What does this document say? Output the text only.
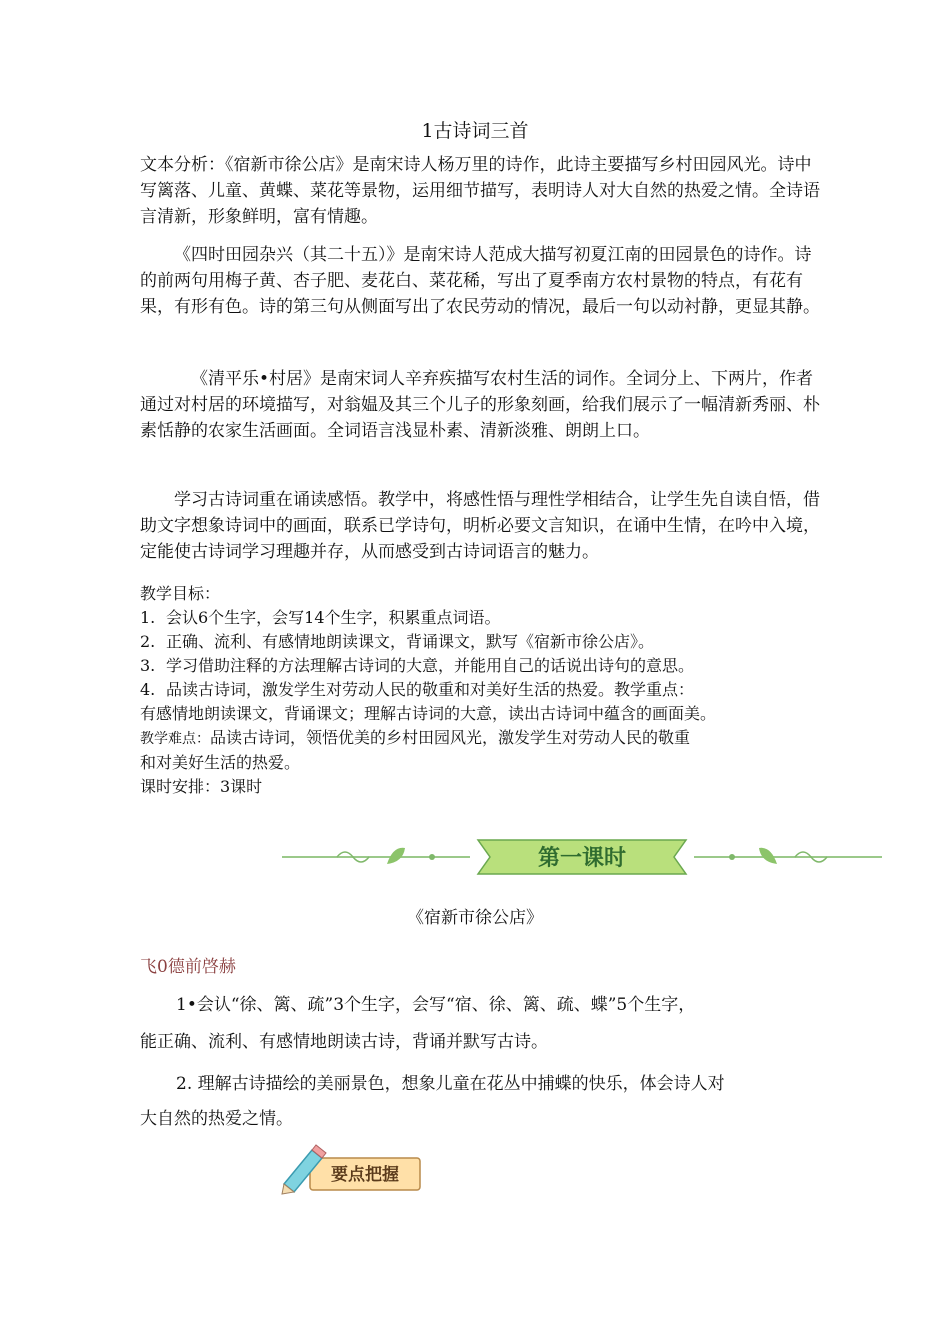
1古诗词三首

文本分析：《宿新市徐公店》是南宋诗人杨万里的诗作，此诗主要描写乡村田园风光。诗中写篱落、儿童、黄蝶、菜花等景物，运用细节描写，表明诗人对大自然的热爱之情。全诗语言清新，形象鲜明，富有情趣。

《四时田园杂兴（其二十五）》是南宋诗人范成大描写初夏江南的田园景色的诗作。诗的前两句用梅子黄、杏子肥、麦花白、菜花稀，写出了夏季南方农村景物的特点，有花有果，有形有色。诗的第三句从侧面写出了农民劳动的情况，最后一句以动衬静，更显其静。

《清平乐•村居》是南宋词人辛弃疾描写农村生活的词作。全词分上、下两片，作者通过对村居的环境描写，对翁媪及其三个儿子的形象刻画，给我们展示了一幅清新秀丽、朴素恬静的农家生活画面。全词语言浅显朴素、清新淡雅、朗朗上口。

学习古诗词重在诵读感悟。教学中，将感性悟与理性学相结合，让学生先自读自悟，借助文字想象诗词中的画面，联系已学诗句，明析必要文言知识，在诵中生情，在吟中入境，定能使古诗词学习理趣并存，从而感受到古诗词语言的魅力。

教学目标：
1. 会认6个生字，会写14个生字，积累重点词语。
2. 正确、流利、有感情地朗读课文，背诵课文，默写《宿新市徐公店》。
3. 学习借助注释的方法理解古诗词的大意，并能用自己的话说出诗句的意思。
4. 品读古诗词，激发学生对劳动人民的敬重和对美好生活的热爱。教学重点：
有感情地朗读课文，背诵课文；理解古诗词的大意，读出古诗词中蕴含的画面美。
教学难点：品读古诗词，领悟优美的乡村田园风光，激发学生对劳动人民的敬重
和对美好生活的热爱。
课时安排：3课时
第一课时
《宿新市徐公店》
飞0德前啓赫
1•会认“徐、篱、疏”3个生字，会写“宿、徐、篱、疏、蝶”5个生字，
能正确、流利、有感情地朗读古诗，背诵并默写古诗。
2. 理解古诗描绘的美丽景色，想象儿童在花丛中捕蝶的快乐，体会诗人对
大自然的热爱之情。
要点把握
